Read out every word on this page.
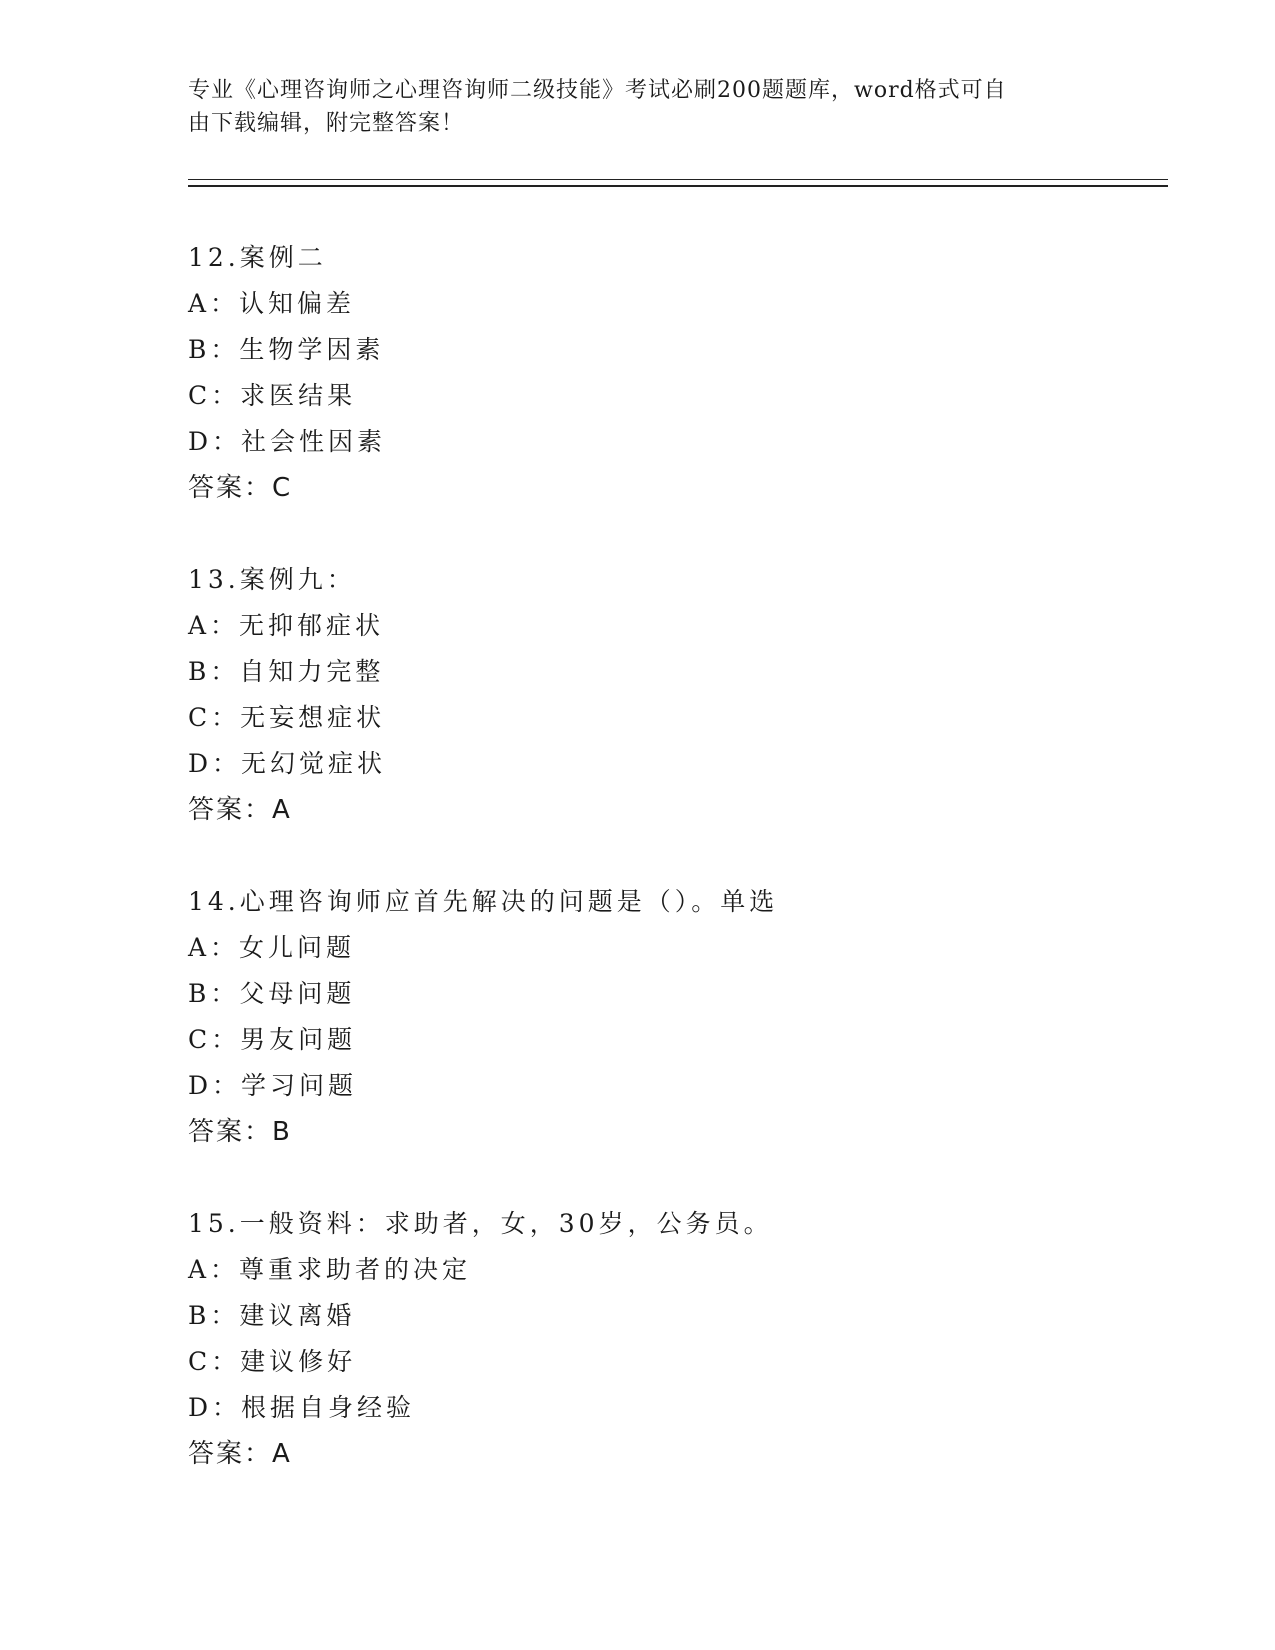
专业《心理咨询师之心理咨询师二级技能》考试必刷200题题库，word格式可自
由下载编辑，附完整答案！
12.案例二
A：认知偏差
B：生物学因素
C：求医结果
D：社会性因素
答案：C
13.案例九：
A：无抑郁症状
B：自知力完整
C：无妄想症状
D：无幻觉症状
答案：A
14.心理咨询师应首先解决的问题是（）。单选
A：女儿问题
B：父母问题
C：男友问题
D：学习问题
答案：B
15.一般资料：求助者，女，30岁，公务员。
A：尊重求助者的决定
B：建议离婚
C：建议修好
D：根据自身经验
答案：A
